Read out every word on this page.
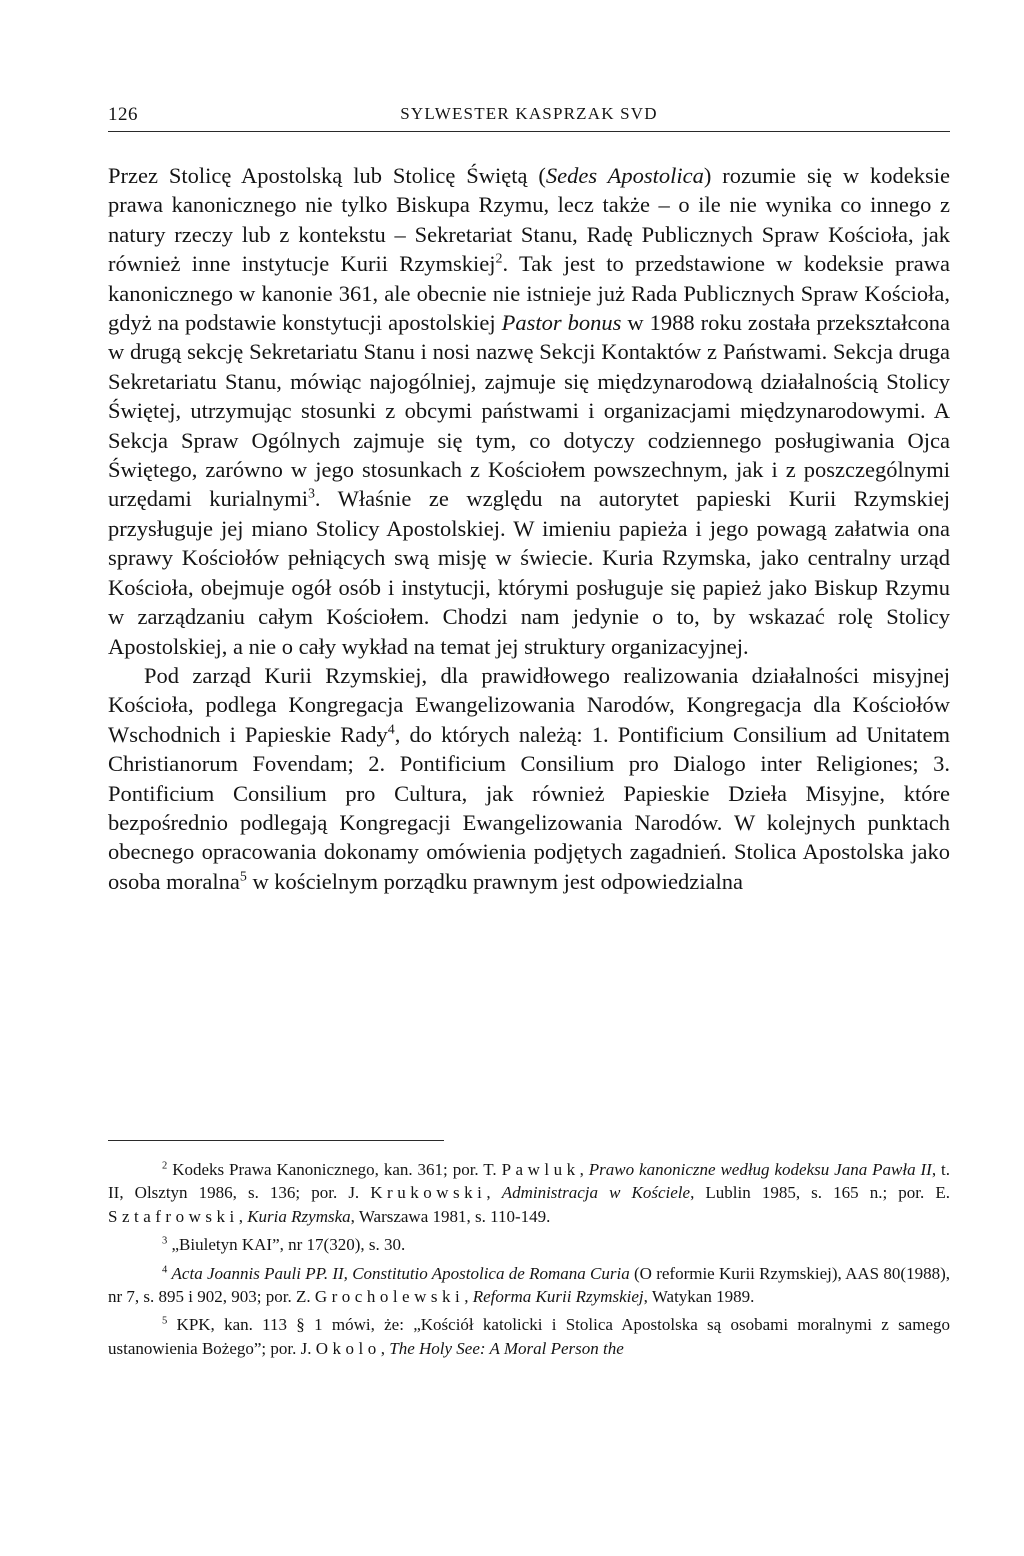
126	SYLWESTER KASPRZAK SVD

Przez Stolicę Apostolską lub Stolicę Świętą (Sedes Apostolica) rozumie się w kodeksie prawa kanonicznego nie tylko Biskupa Rzymu, lecz także – o ile nie wynika co innego z natury rzeczy lub z kontekstu – Sekretariat Stanu, Radę Publicznych Spraw Kościoła, jak również inne instytucje Kurii Rzymskiej$^2$. Tak jest to przedstawione w kodeksie prawa kanonicznego w kanonie 361, ale obecnie nie istnieje już Rada Publicznych Spraw Kościoła, gdyż na podstawie konstytucji apostolskiej Pastor bonus w 1988 roku została przekształcona w drugą sekcję Sekretariatu Stanu i nosi nazwę Sekcji Kontaktów z Państwami. Sekcja druga Sekretariatu Stanu, mówiąc najogólniej, zajmuje się międzynarodową działalnością Stolicy Świętej, utrzymując stosunki z obcymi państwami i organizacjami międzynarodowymi. A Sekcja Spraw Ogólnych zajmuje się tym, co dotyczy codziennego posługiwania Ojca Świętego, zarówno w jego stosunkach z Kościołem powszechnym, jak i z poszczególnymi urzędami kurialnymi$^3$. Właśnie ze względu na autorytet papieski Kurii Rzymskiej przysługuje jej miano Stolicy Apostolskiej. W imieniu papieża i jego powagą załatwia ona sprawy Kościołów pełniących swą misję w świecie. Kuria Rzymska, jako centralny urząd Kościoła, obejmuje ogół osób i instytucji, którymi posługuje się papież jako Biskup Rzymu w zarządzaniu całym Kościołem. Chodzi nam jedynie o to, by wskazać rolę Stolicy Apostolskiej, a nie o cały wykład na temat jej struktury organizacyjnej.

Pod zarząd Kurii Rzymskiej, dla prawidłowego realizowania działalności misyjnej Kościoła, podlega Kongregacja Ewangelizowania Narodów, Kongregacja dla Kościołów Wschodnich i Papieskie Rady$^4$, do których należą: 1. Pontificium Consilium ad Unitatem Christianorum Fovendam; 2. Pontificium Consilium pro Dialogo inter Religiones; 3. Pontificium Consilium pro Cultura, jak również Papieskie Dzieła Misyjne, które bezpośrednio podlegają Kongregacji Ewangelizowania Narodów. W kolejnych punktach obecnego opracowania dokonamy omówienia podjętych zagadnień. Stolica Apostolska jako osoba moralna$^5$ w kościelnym porządku prawnym jest odpowiedzialna

$^2$ Kodeks Prawa Kanonicznego, kan. 361; por. T. Pawluk, Prawo kanoniczne według kodeksu Jana Pawła II, t. II, Olsztyn 1986, s. 136; por. J. Krukowski, Administracja w Kościele, Lublin 1985, s. 165 n.; por. E. Sztafrowski, Kuria Rzymska, Warszawa 1981, s. 110-149.

$^3$ „Biuletyn KAI”, nr 17(320), s. 30.

$^4$ Acta Joannis Pauli PP. II, Constitutio Apostolica de Romana Curia (O reformie Kurii Rzymskiej), AAS 80(1988), nr 7, s. 895 i 902, 903; por. Z. Grocholewski, Reforma Kurii Rzymskiej, Watykan 1989.

$^5$ KPK, kan. 113 § 1 mówi, że: „Kościół katolicki i Stolica Apostolska są osobami moralnymi z samego ustanowienia Bożego”; por. J. Okolo, The Holy See: A Moral Person the
